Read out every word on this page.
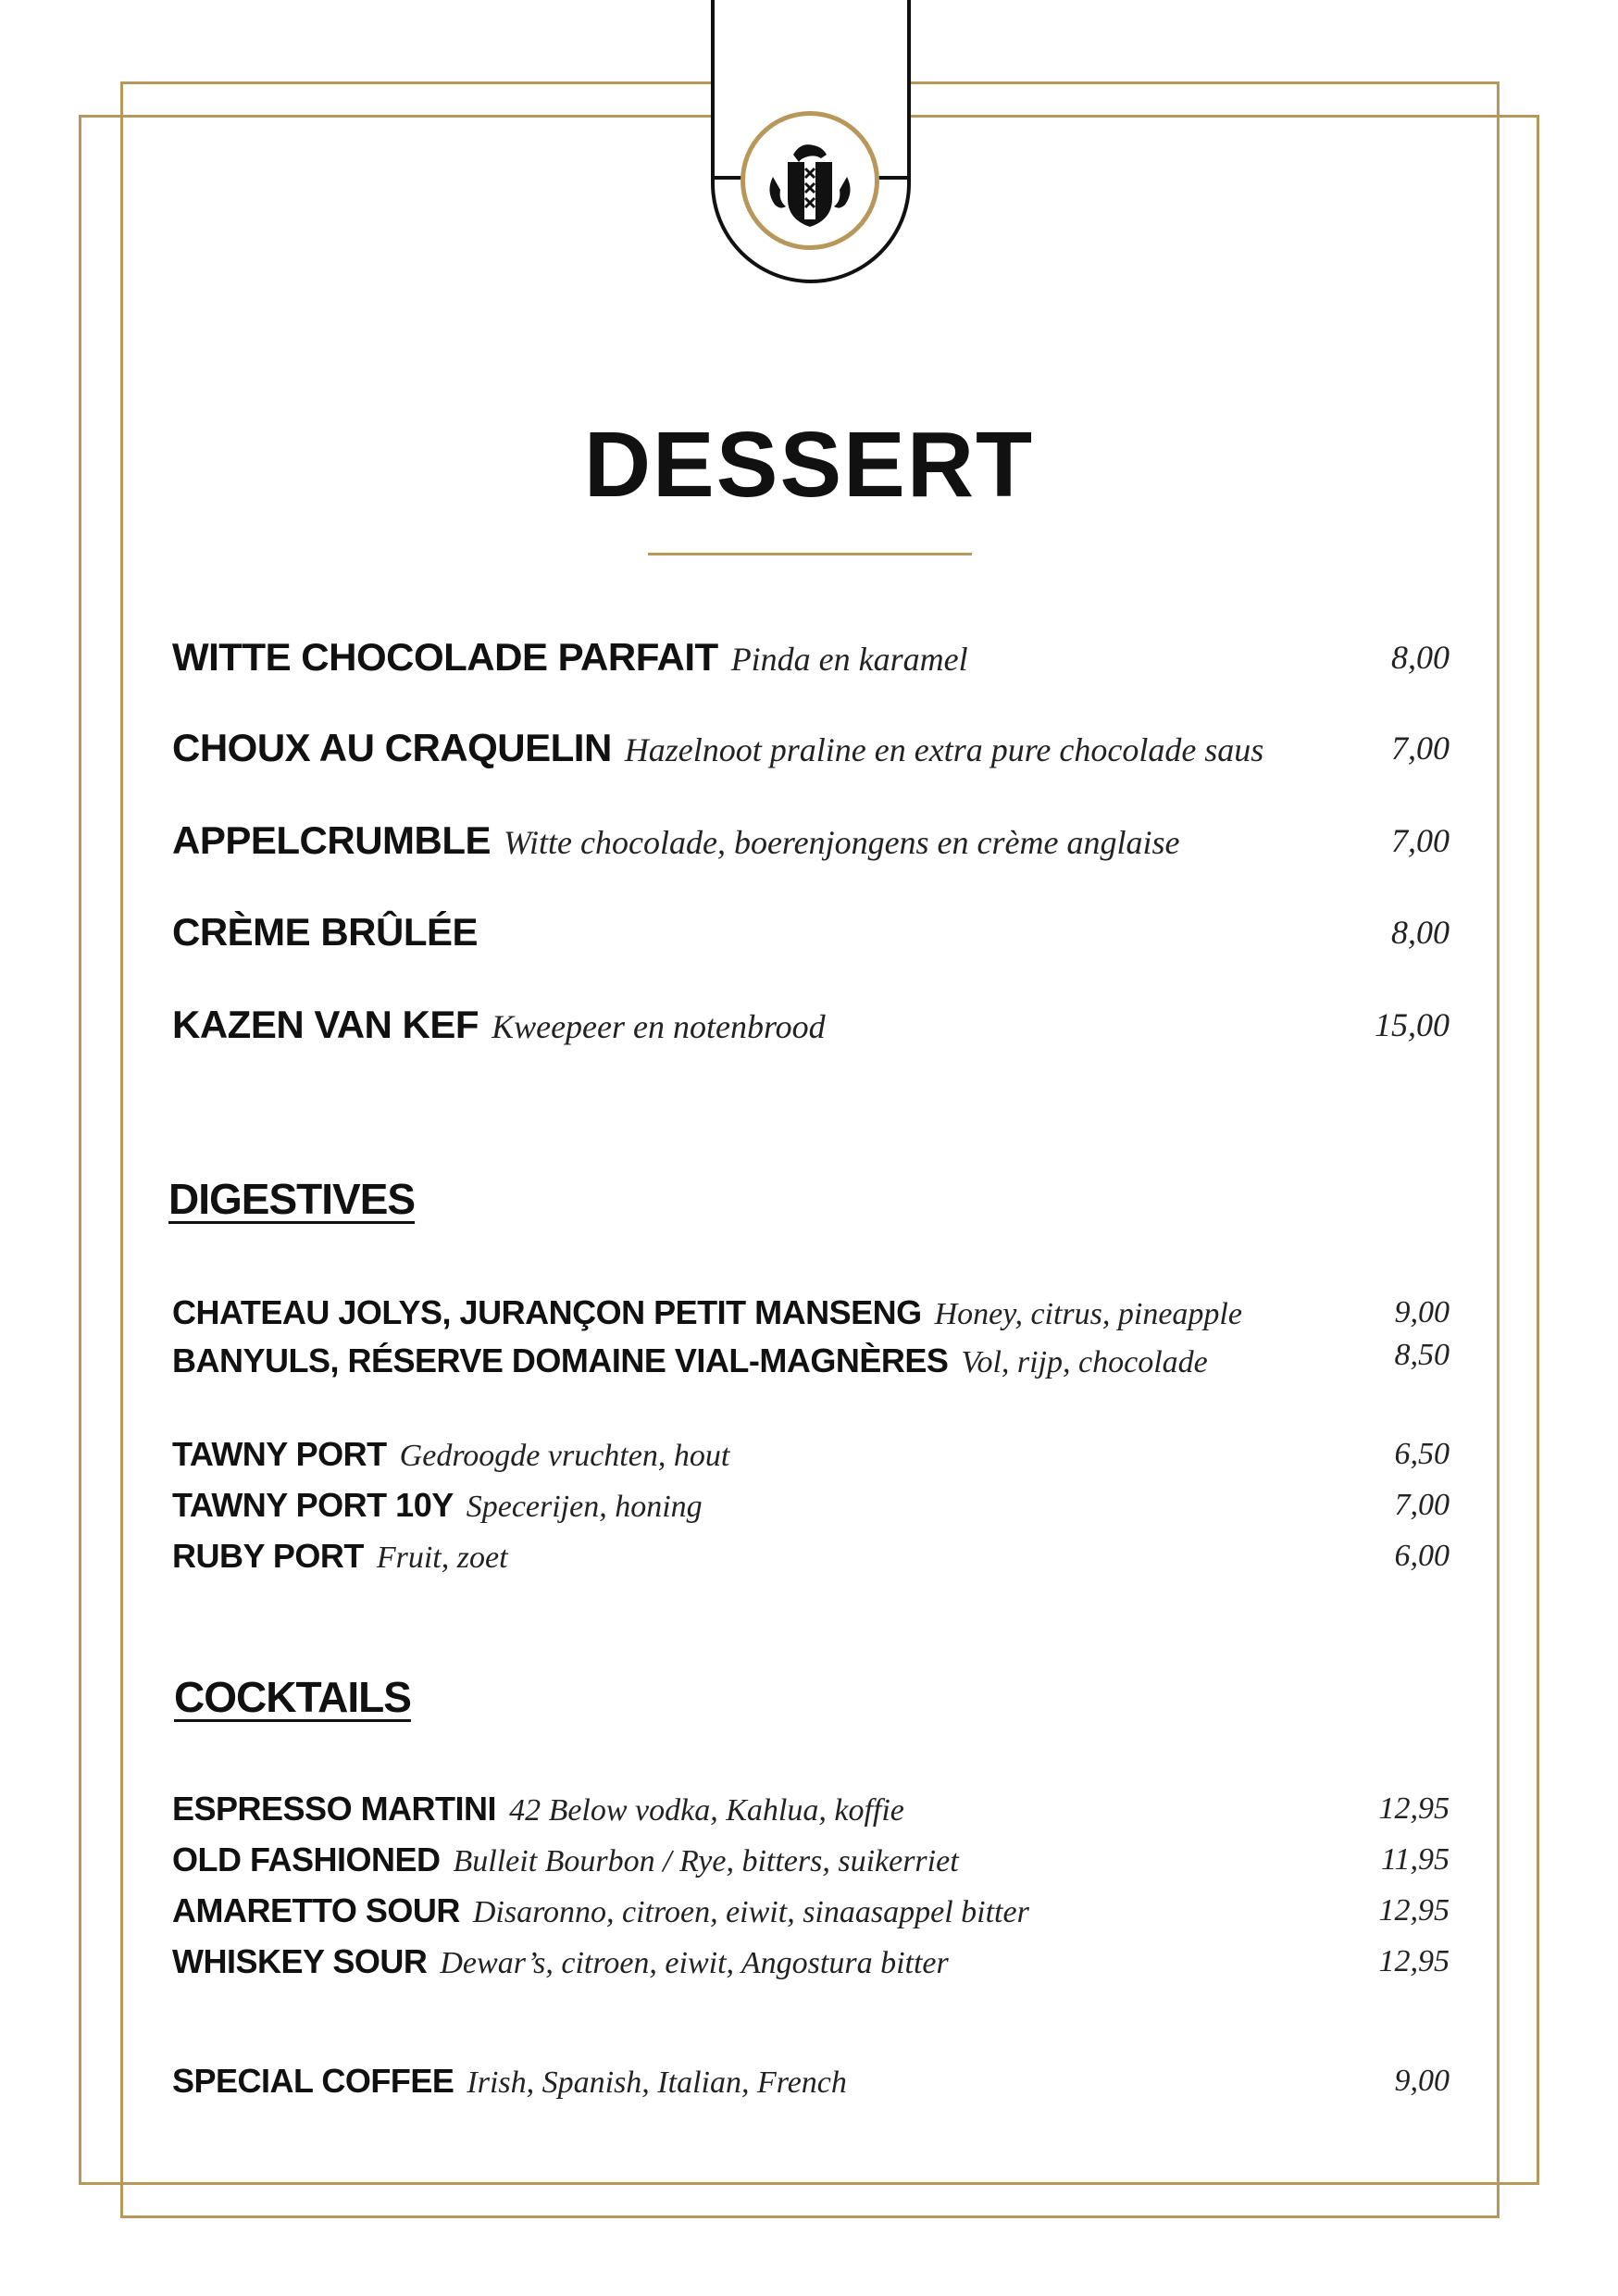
DESSERT
WITTE CHOCOLADE PARFAIT Pinda en karamel	8,00
CHOUX AU CRAQUELIN Hazelnoot praline en extra pure chocolade saus	7,00
APPELCRUMBLE Witte chocolade, boerenjongens en crème anglaise	7,00
CRÈME BRÛLÉE	8,00
KAZEN VAN KEF Kweepeer en notenbrood	15,00
DIGESTIVES
CHATEAU JOLYS, JURANÇON PETIT MANSENG Honey, citrus, pineapple	9,00
BANYULS, RÉSERVE DOMAINE VIAL-MAGNÈRES Vol, rijp, chocolade	8,50
TAWNY PORT Gedroogde vruchten, hout	6,50
TAWNY PORT 10Y Specerijen, honing	7,00
RUBY PORT Fruit, zoet	6,00
COCKTAILS
ESPRESSO MARTINI 42 Below vodka, Kahlua, koffie	12,95
OLD FASHIONED Bulleit Bourbon / Rye, bitters, suikerriet	11,95
AMARETTO SOUR Disaronno, citroen, eiwit, sinaasappel bitter	12,95
WHISKEY SOUR Dewar’s, citroen, eiwit, Angostura bitter	12,95
SPECIAL COFFEE Irish, Spanish, Italian, French	9,00
